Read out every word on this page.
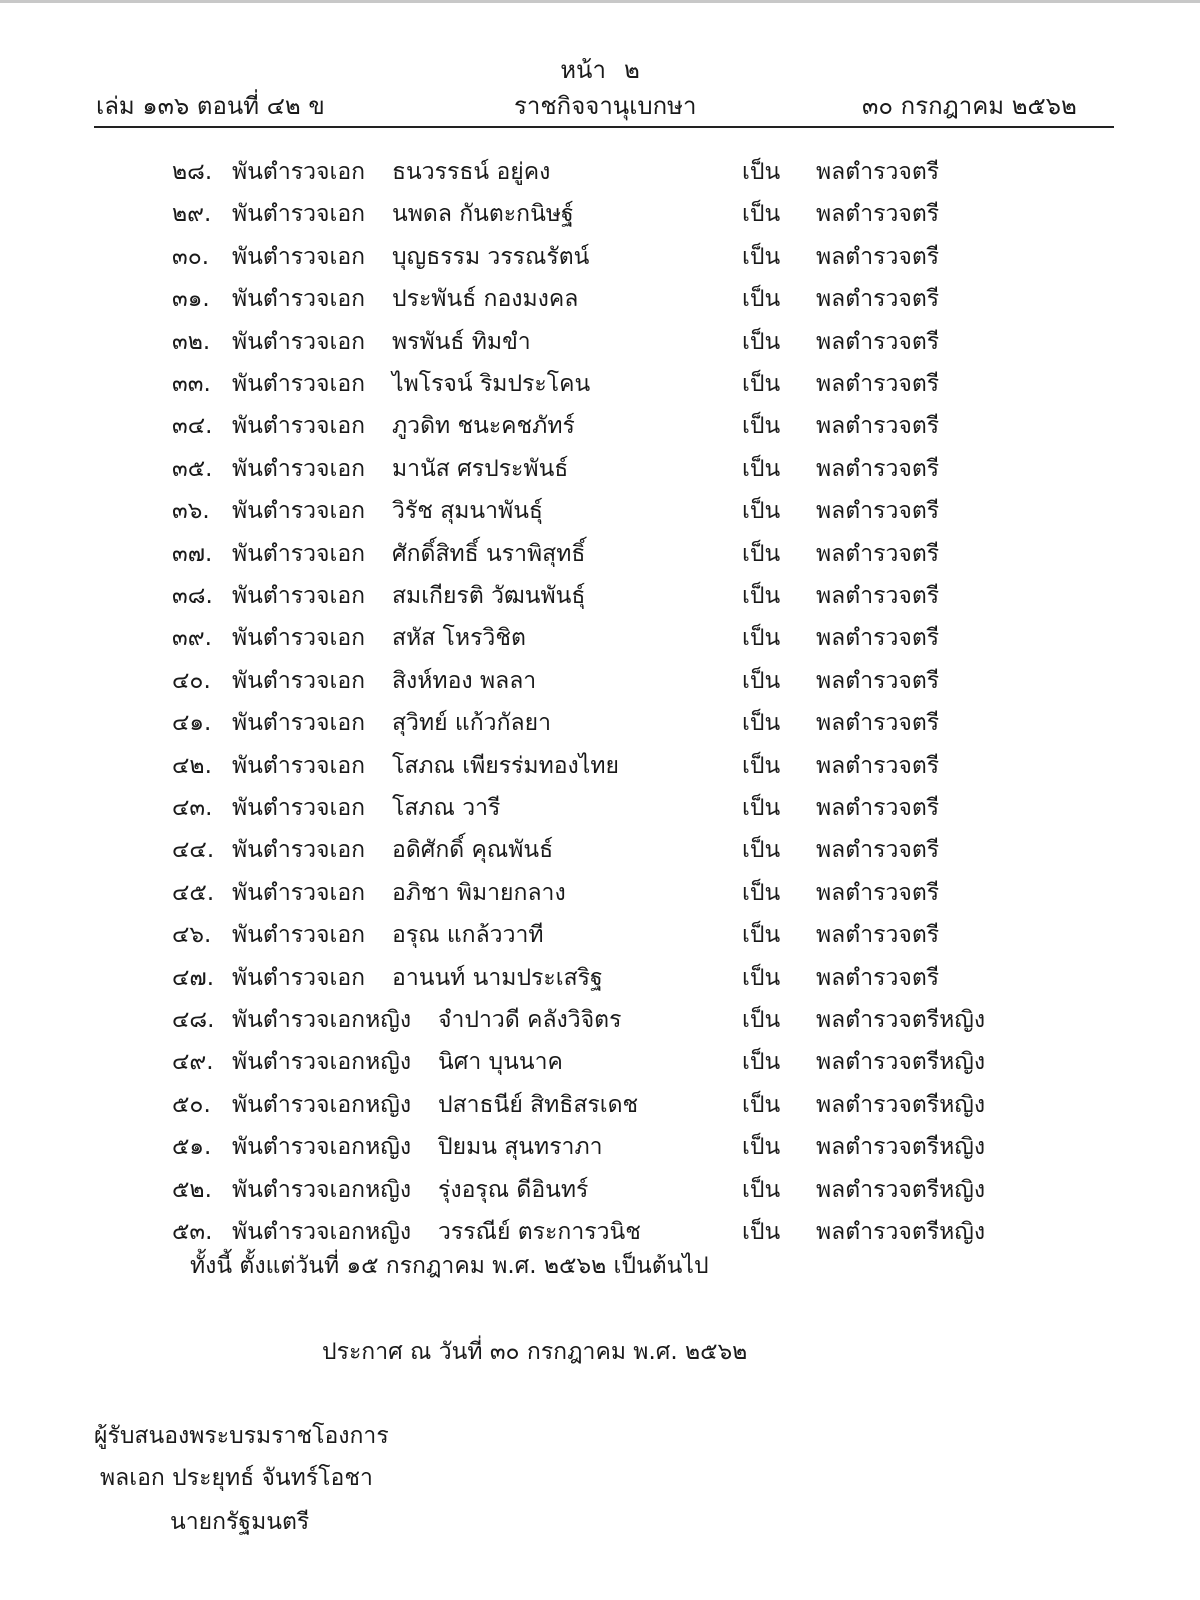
หน้า ๒
เล่ม ๑๓๖ ตอนที่ ๔๒ ข	ราชกิจจานุเบกษา	๓๐ กรกฎาคม ๒๕๖๒
๒๘. พันตำรวจเอก ธนวรรธน์ อยู่คง	เป็น พลตำรวจตรี
๒๙. พันตำรวจเอก นพดล กันตะกนิษฐ์	เป็น พลตำรวจตรี
๓๐. พันตำรวจเอก บุญธรรม วรรณรัตน์	เป็น พลตำรวจตรี
๓๑. พันตำรวจเอก ประพันธ์ กองมงคล	เป็น พลตำรวจตรี
๓๒. พันตำรวจเอก พรพันธ์ ทิมขำ	เป็น พลตำรวจตรี
๓๓. พันตำรวจเอก ไพโรจน์ ริมประโคน	เป็น พลตำรวจตรี
๓๔. พันตำรวจเอก ภูวดิท ชนะคชภัทร์	เป็น พลตำรวจตรี
๓๕. พันตำรวจเอก มานัส ศรประพันธ์	เป็น พลตำรวจตรี
๓๖. พันตำรวจเอก วิรัช สุมนาพันธุ์	เป็น พลตำรวจตรี
๓๗. พันตำรวจเอก ศักดิ์สิทธิ์ นราพิสุทธิ์	เป็น พลตำรวจตรี
๓๘. พันตำรวจเอก สมเกียรติ วัฒนพันธุ์	เป็น พลตำรวจตรี
๓๙. พันตำรวจเอก สหัส โหรวิชิต	เป็น พลตำรวจตรี
๔๐. พันตำรวจเอก สิงห์ทอง พลลา	เป็น พลตำรวจตรี
๔๑. พันตำรวจเอก สุวิทย์ แก้วกัลยา	เป็น พลตำรวจตรี
๔๒. พันตำรวจเอก โสภณ เพียรร่มทองไทย	เป็น พลตำรวจตรี
๔๓. พันตำรวจเอก โสภณ วารี	เป็น พลตำรวจตรี
๔๔. พันตำรวจเอก อดิศักดิ์ คุณพันธ์	เป็น พลตำรวจตรี
๔๕. พันตำรวจเอก อภิชา พิมายกลาง	เป็น พลตำรวจตรี
๔๖. พันตำรวจเอก อรุณ แกล้ววาที	เป็น พลตำรวจตรี
๔๗. พันตำรวจเอก อานนท์ นามประเสริฐ	เป็น พลตำรวจตรี
๔๘. พันตำรวจเอกหญิง จำปาวดี คลังวิจิตร	เป็น พลตำรวจตรีหญิง
๔๙. พันตำรวจเอกหญิง นิศา บุนนาค	เป็น พลตำรวจตรีหญิง
๕๐. พันตำรวจเอกหญิง ปสาธนีย์ สิทธิสรเดช	เป็น พลตำรวจตรีหญิง
๕๑. พันตำรวจเอกหญิง ปิยมน สุนทราภา	เป็น พลตำรวจตรีหญิง
๕๒. พันตำรวจเอกหญิง รุ่งอรุณ ดีอินทร์	เป็น พลตำรวจตรีหญิง
๕๓. พันตำรวจเอกหญิง วรรณีย์ ตระการวนิช	เป็น พลตำรวจตรีหญิง
ทั้งนี้ ตั้งแต่วันที่ ๑๕ กรกฎาคม พ.ศ. ๒๕๖๒ เป็นต้นไป
ประกาศ ณ วันที่ ๓๐ กรกฎาคม พ.ศ. ๒๕๖๒
ผู้รับสนองพระบรมราชโองการ
พลเอก ประยุทธ์ จันทร์โอชา
นายกรัฐมนตรี
